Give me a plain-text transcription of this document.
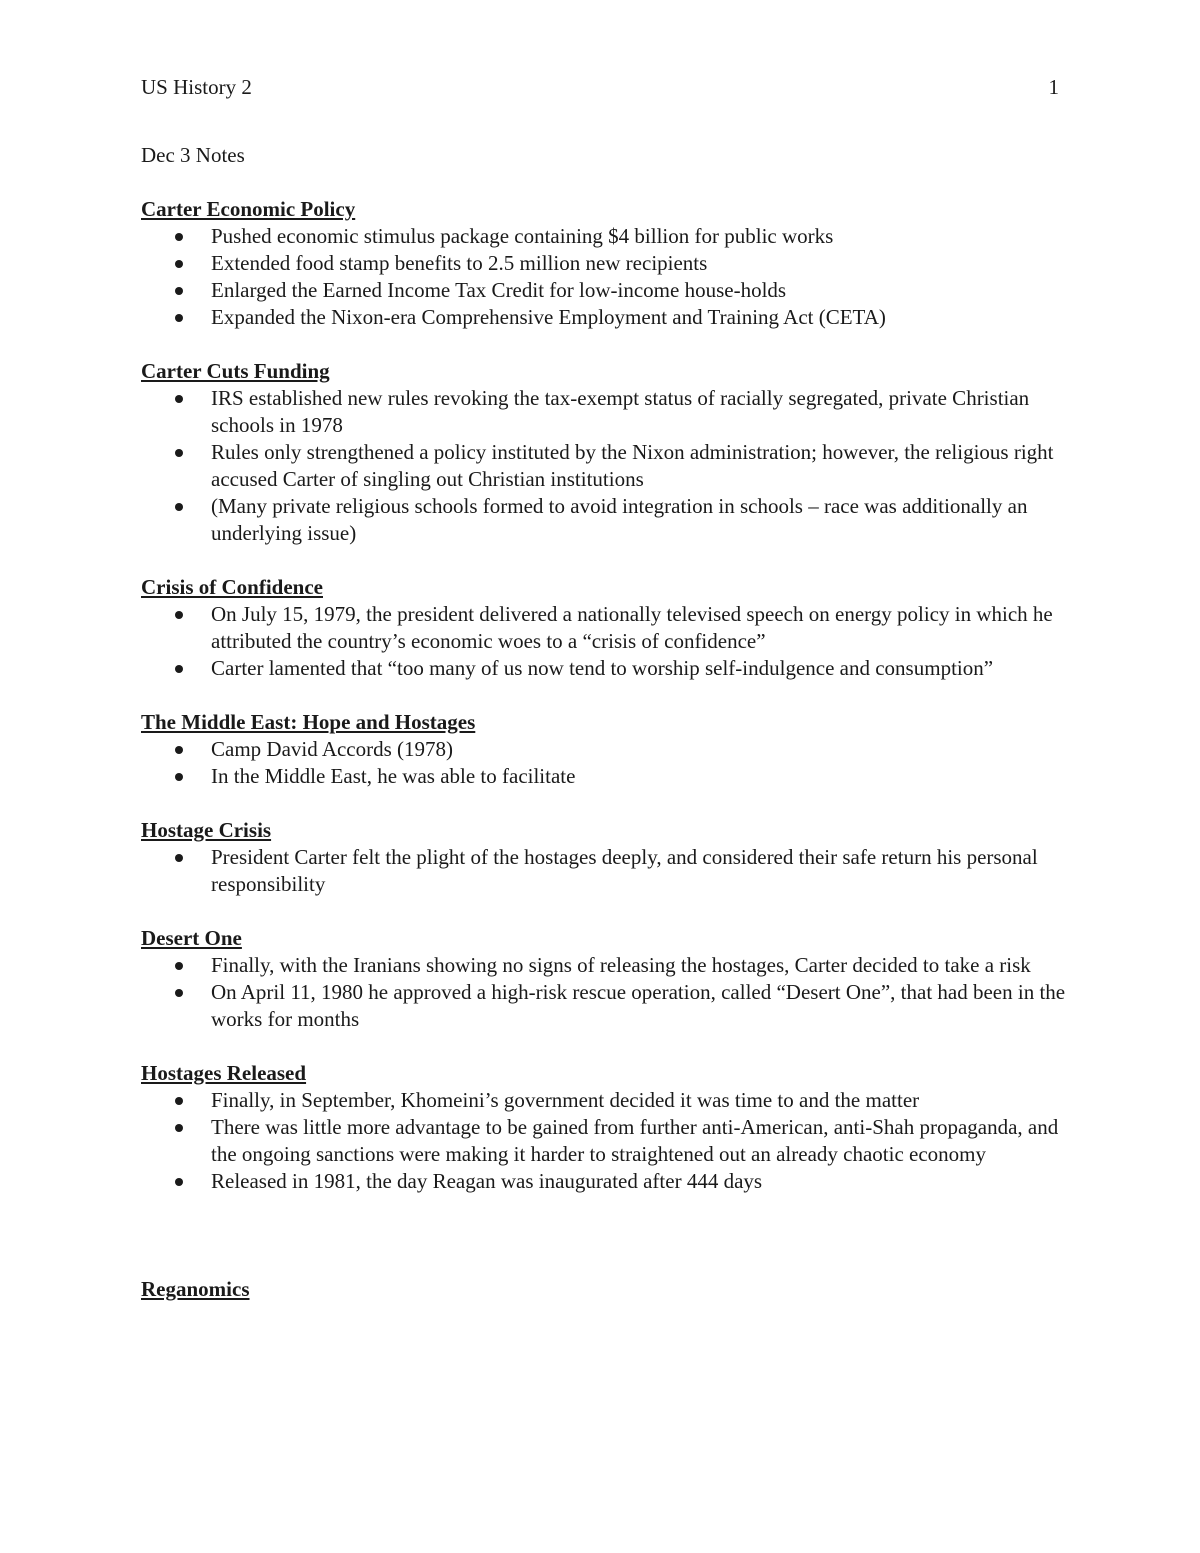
US History 2	1

Dec 3 Notes

Carter Economic Policy

Pushed economic stimulus package containing $4 billion for public works
Extended food stamp benefits to 2.5 million new recipients
Enlarged the Earned Income Tax Credit for low-income house-holds
Expanded the Nixon-era Comprehensive Employment and Training Act (CETA)

Carter Cuts Funding

IRS established new rules revoking the tax-exempt status of racially segregated, private Christian schools in 1978
Rules only strengthened a policy instituted by the Nixon administration; however, the religious right accused Carter of singling out Christian institutions
(Many private religious schools formed to avoid integration in schools – race was additionally an underlying issue)

Crisis of Confidence

On July 15, 1979, the president delivered a nationally televised speech on energy policy in which he attributed the country’s economic woes to a “crisis of confidence”
Carter lamented that “too many of us now tend to worship self-indulgence and consumption”

The Middle East: Hope and Hostages

Camp David Accords (1978)
In the Middle East, he was able to facilitate

Hostage Crisis

President Carter felt the plight of the hostages deeply, and considered their safe return his personal responsibility

Desert One

Finally, with the Iranians showing no signs of releasing the hostages, Carter decided to take a risk
On April 11, 1980 he approved a high-risk rescue operation, called “Desert One”, that had been in the works for months

Hostages Released

Finally, in September, Khomeini’s government decided it was time to and the matter
There was little more advantage to be gained from further anti-American, anti-Shah propaganda, and the ongoing sanctions were making it harder to straightened out an already chaotic economy
Released in 1981, the day Reagan was inaugurated after 444 days

Reganomics
